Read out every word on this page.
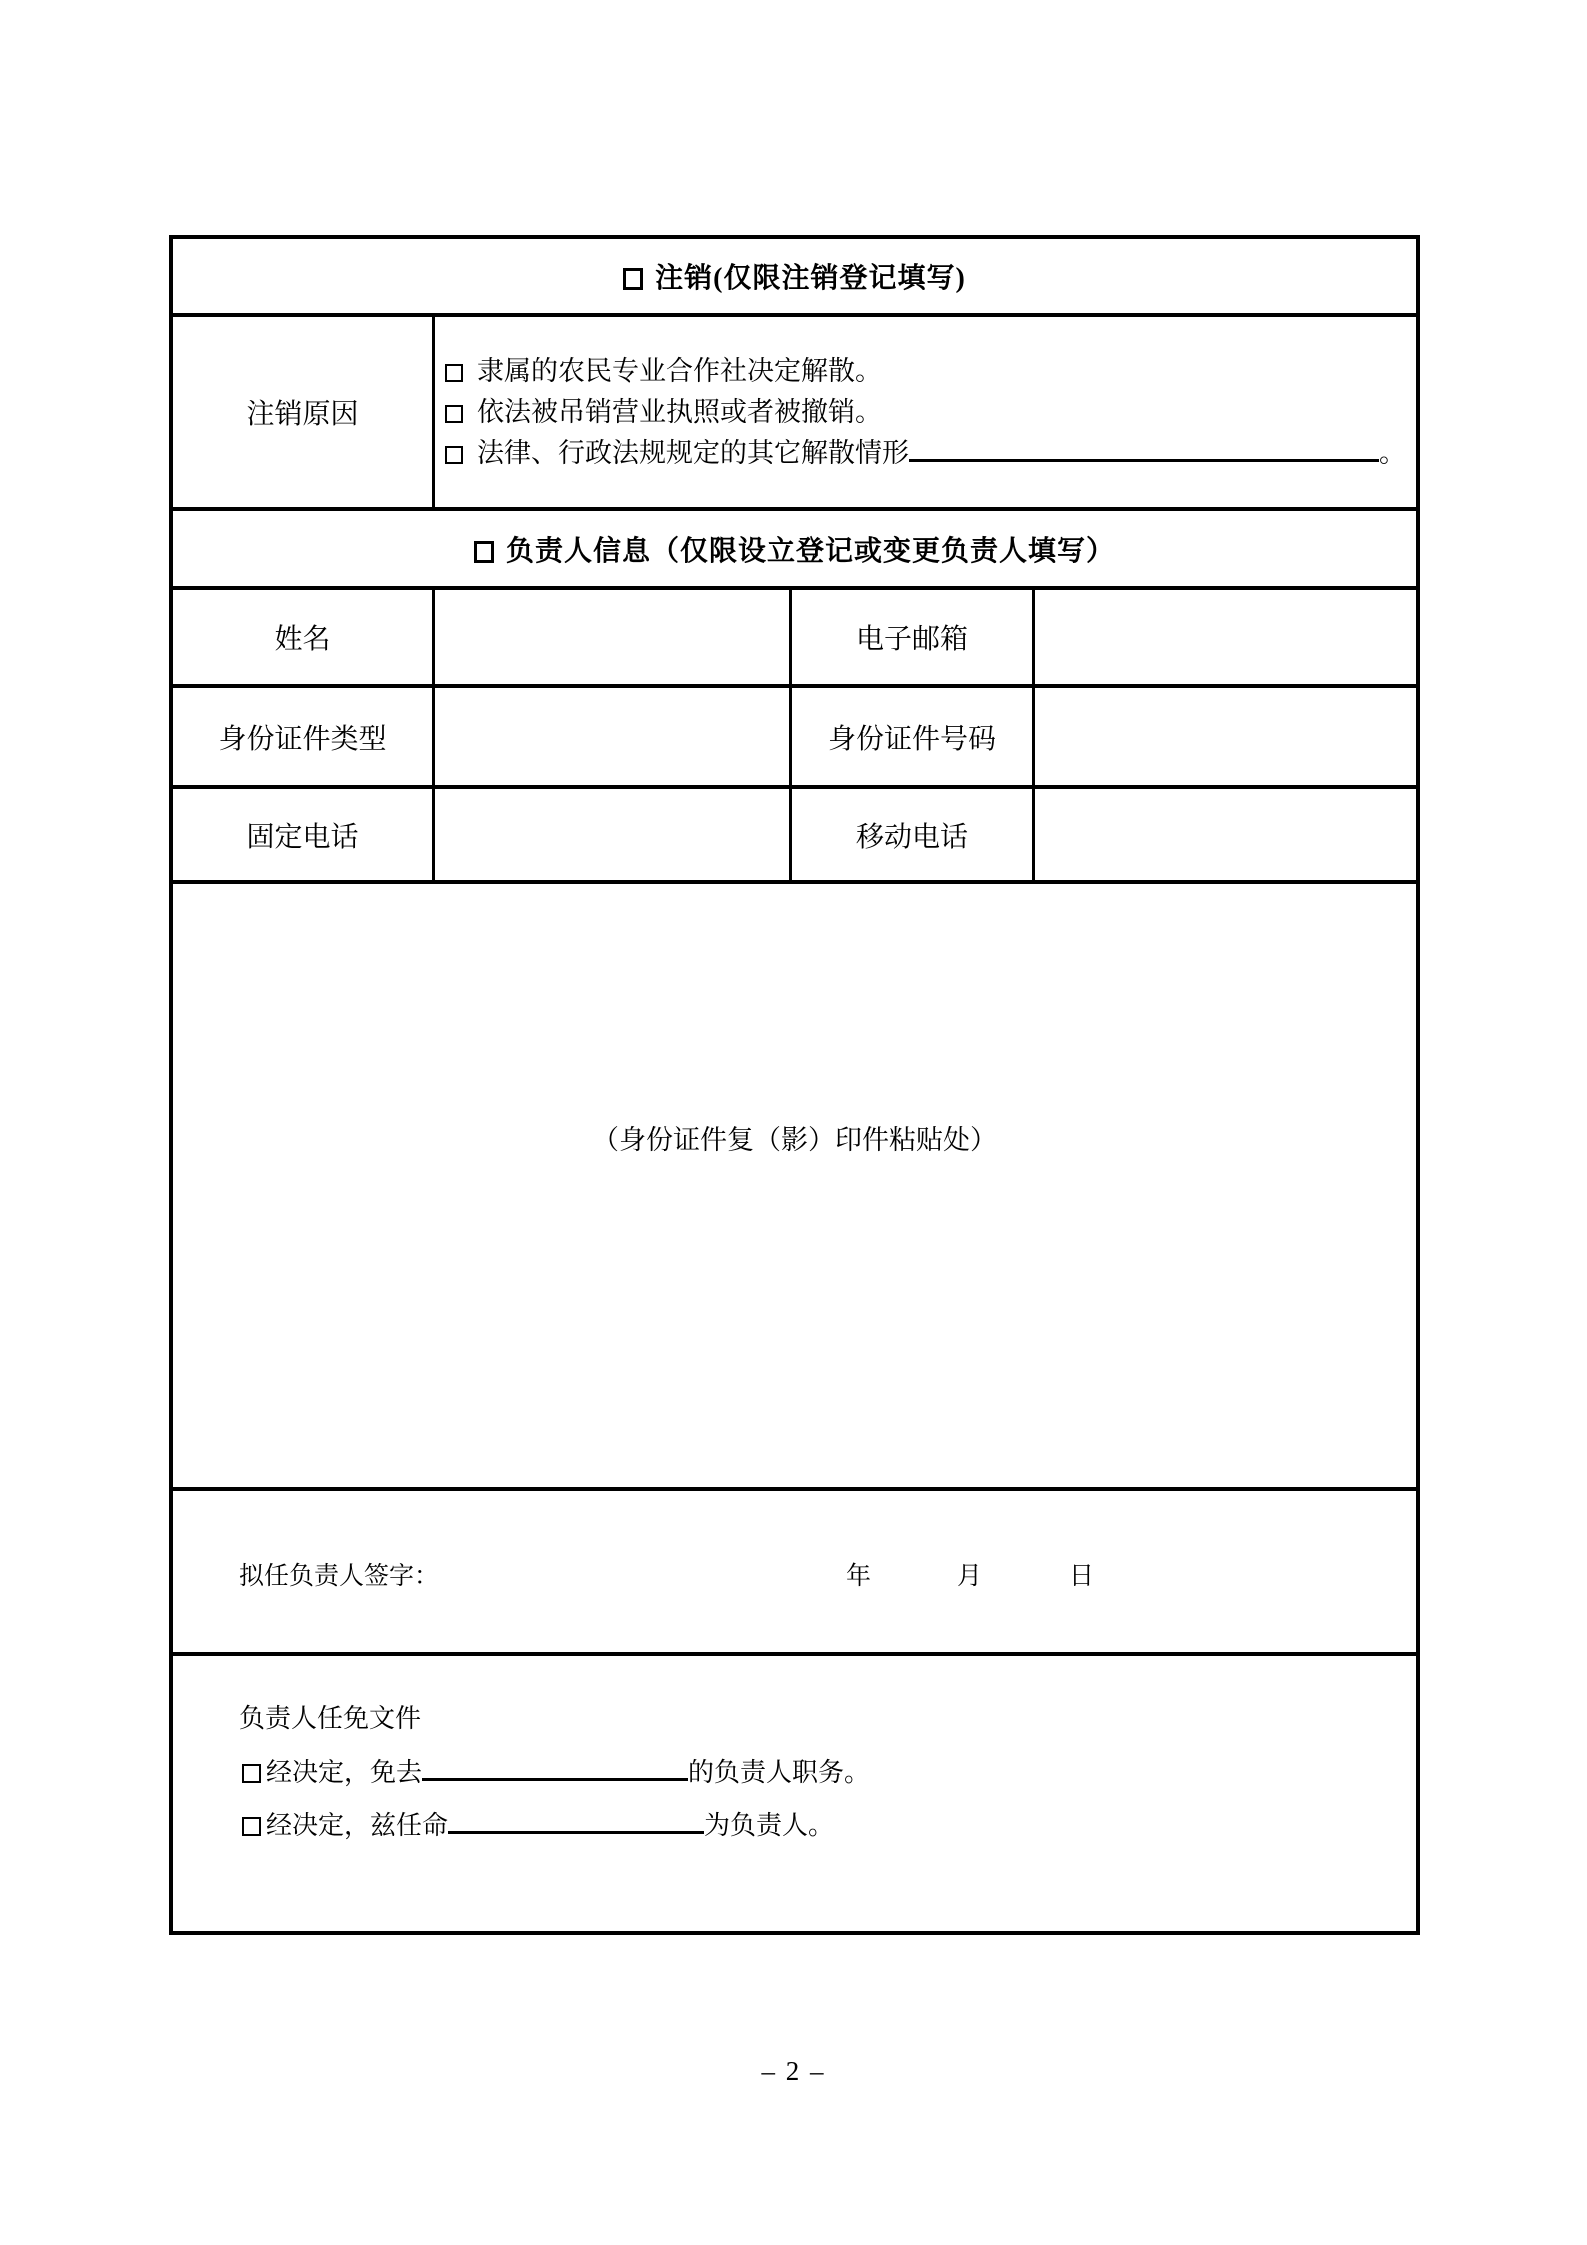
注销(仅限注销登记填写)
注销原因
隶属的农民专业合作社决定解散。
依法被吊销营业执照或者被撤销。
法律、行政法规规定的其它解散情形	。
负责人信息（仅限设立登记或变更负责人填写）
姓名	电子邮箱
身份证件类型	身份证件号码
固定电话	移动电话
（身份证件复（影）印件粘贴处）
拟任负责人签字：	年	月	日
负责人任免文件
经决定，免去	的负责人职务。
经决定，兹任命	为负责人。
– 2 –
